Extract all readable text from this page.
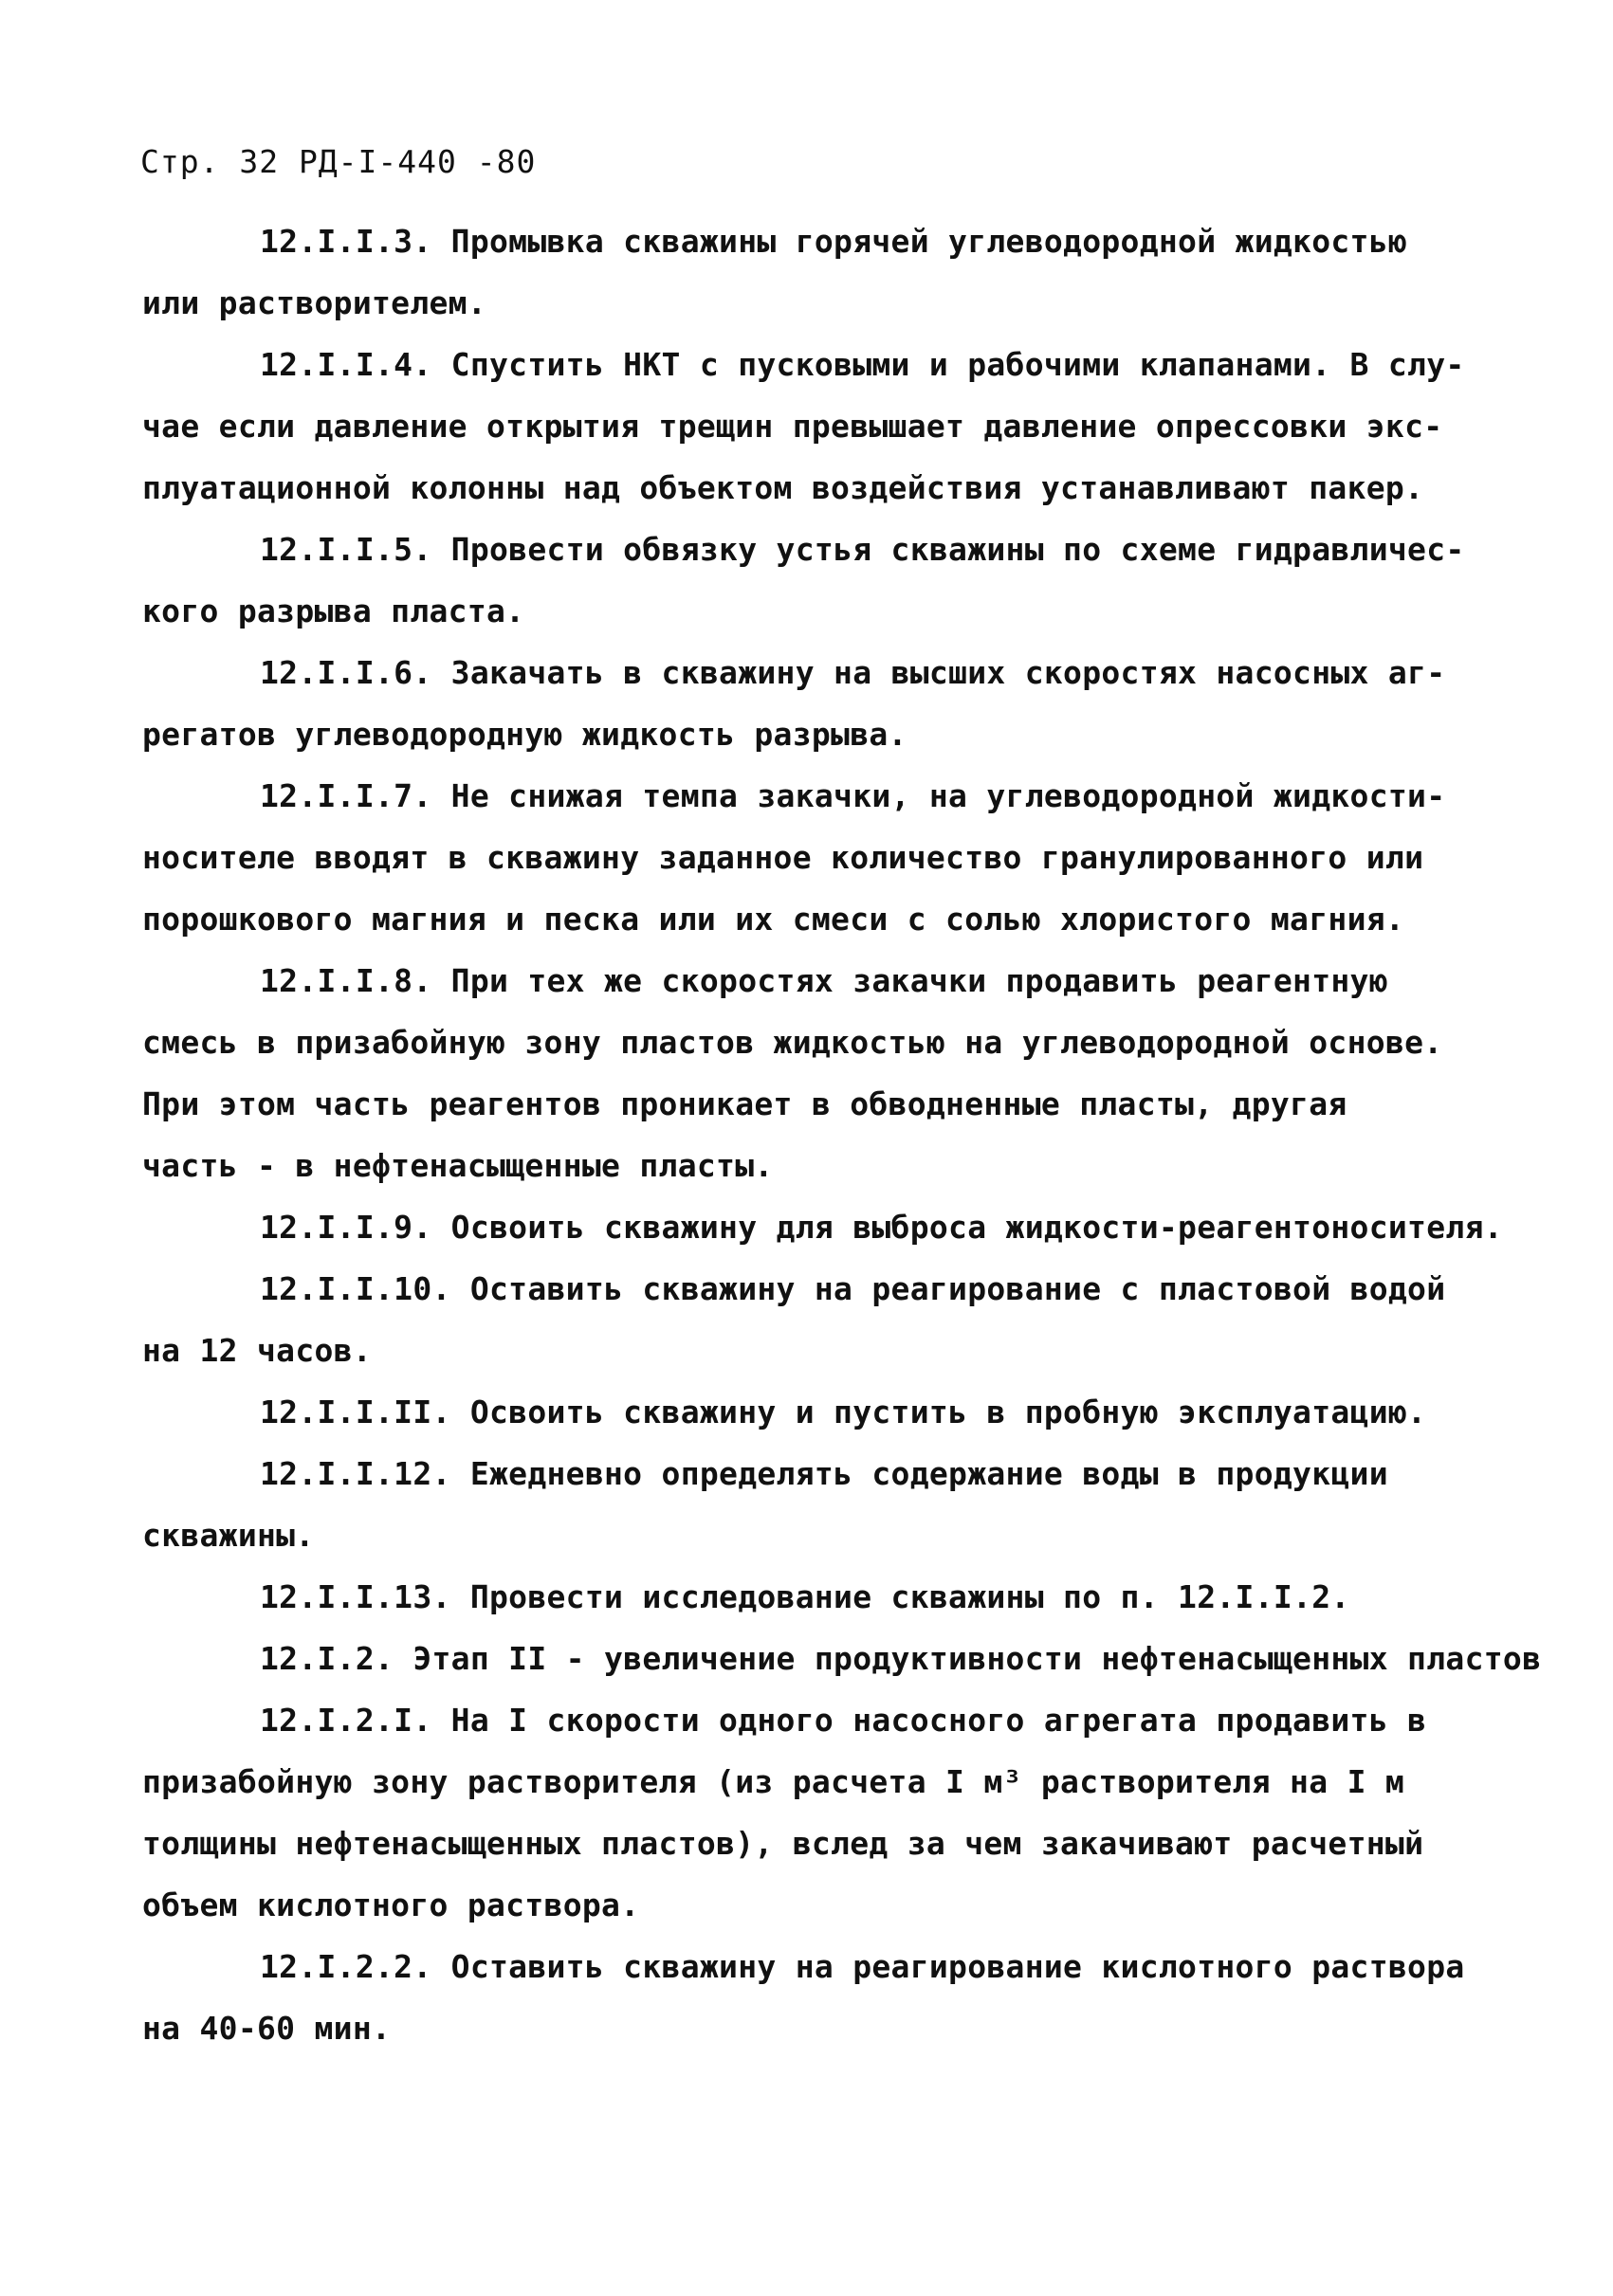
Стр. 32 РД-I-440 -80

12.I.I.3. Промывка скважины горячей углеводородной жидкостью
или растворителем.

12.I.I.4. Спустить НКТ с пусковыми и рабочими клапанами. В слу-
чае если давление открытия трещин превышает давление опрессовки экс-
плуатационной колонны над объектом воздействия устанавливают пакер.

12.I.I.5. Провести обвязку устья скважины по схеме гидравличес-
кого разрыва пласта.

12.I.I.6. Закачать в скважину на высших скоростях насосных аг-
регатов углеводородную жидкость разрыва.

12.I.I.7. Не снижая темпа закачки, на углеводородной жидкости-
носителе вводят в скважину заданное количество гранулированного или
порошкового магния и песка или их смеси с солью хлористого магния.

12.I.I.8. При тех же скоростях закачки продавить реагентную
смесь в призабойную зону пластов жидкостью на углеводородной основе.
При этом часть реагентов проникает в обводненные пласты, другая
часть - в нефтенасыщенные пласты.

12.I.I.9. Освоить скважину для выброса жидкости-реагентоносителя.

12.I.I.10. Оставить скважину на реагирование с пластовой водой
на 12 часов.

12.I.I.II. Освоить скважину и пустить в пробную эксплуатацию.

12.I.I.12. Ежедневно определять содержание воды в продукции
скважины.

12.I.I.13. Провести исследование скважины по п. 12.I.I.2.

12.I.2. Этап II - увеличение продуктивности нефтенасыщенных пластов

12.I.2.I. На I скорости одного насосного агрегата продавить в
призабойную зону растворителя (из расчета I м³ растворителя на I м
толщины нефтенасыщенных пластов), вслед за чем закачивают расчетный
объем кислотного раствора.

12.I.2.2. Оставить скважину на реагирование кислотного раствора
на 40-60 мин.
